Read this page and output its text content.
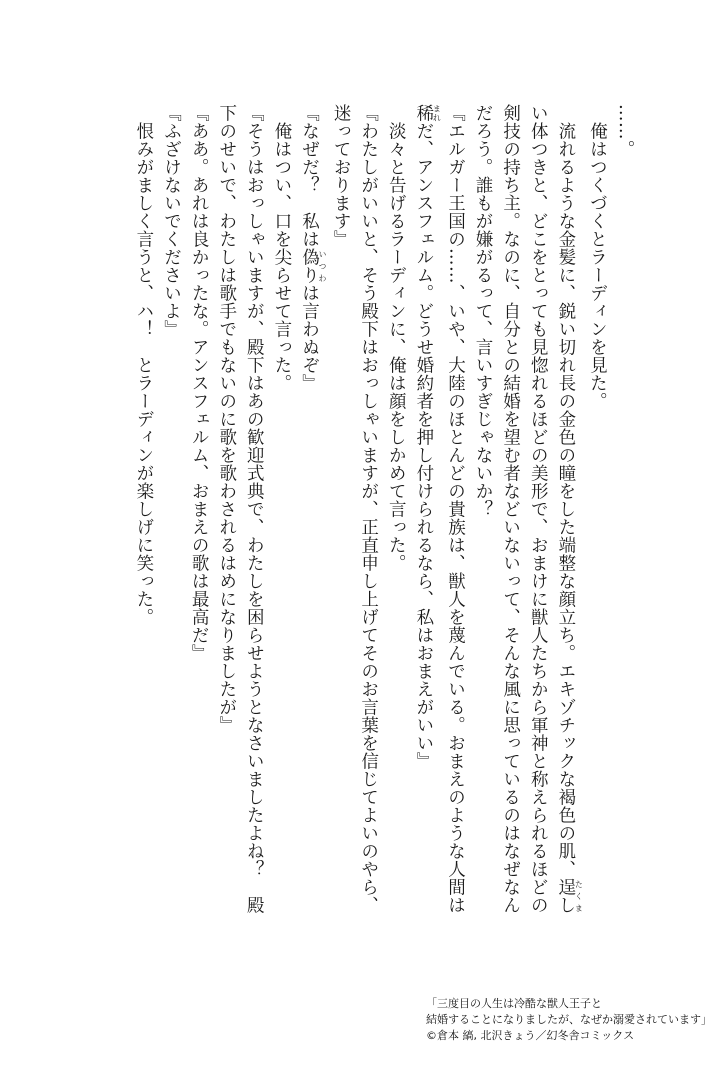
……。

　俺はつくづくとラーディンを見た。

　流れるような金髪に、鋭い切れ長の金色の瞳をした端整な顔立ち。エキゾチックな褐色の肌、逞したくま

い体つきと、どこをとっても見惚れるほどの美形で、おまけに獣人たちから軍神と称えられるほどの

剣技の持ち主。なのに、自分との結婚を望む者などいないって、そんな風に思っているのはなぜなん

だろう。誰もが嫌がるって、言いすぎじゃないか？

『エルガー王国の……、いや、大陸のほとんどの貴族は、獣人を蔑んでいる。おまえのような人間は

稀まれだ、アンスフェルム。どうせ婚約者を押し付けられるなら、私はおまえがいい』

　淡々と告げるラーディンに、俺は顔をしかめて言った。

『わたしがいいと、そう殿下はおっしゃいますが、正直申し上げてそのお言葉を信じてよいのやら、

迷っております』

『なぜだ？　私は偽りいつわは言わぬぞ』

　俺はつい、口を尖らせて言った。

『そうはおっしゃいますが、殿下はあの歓迎式典で、わたしを困らせようとなさいましたよね？　殿

下のせいで、わたしは歌手でもないのに歌を歌わされるはめになりましたが』

『ああ。あれは良かったな。アンスフェルム、おまえの歌は最高だ』

『ふざけないでくださいよ』

　恨みがましく言うと、ハ！　とラーディンが楽しげに笑った。

「三度目の人生は冷酷な獣人王子と
結婚することになりましたが、なぜか溺愛されています」
©倉本 縞, 北沢きょう／幻冬舎コミックス
